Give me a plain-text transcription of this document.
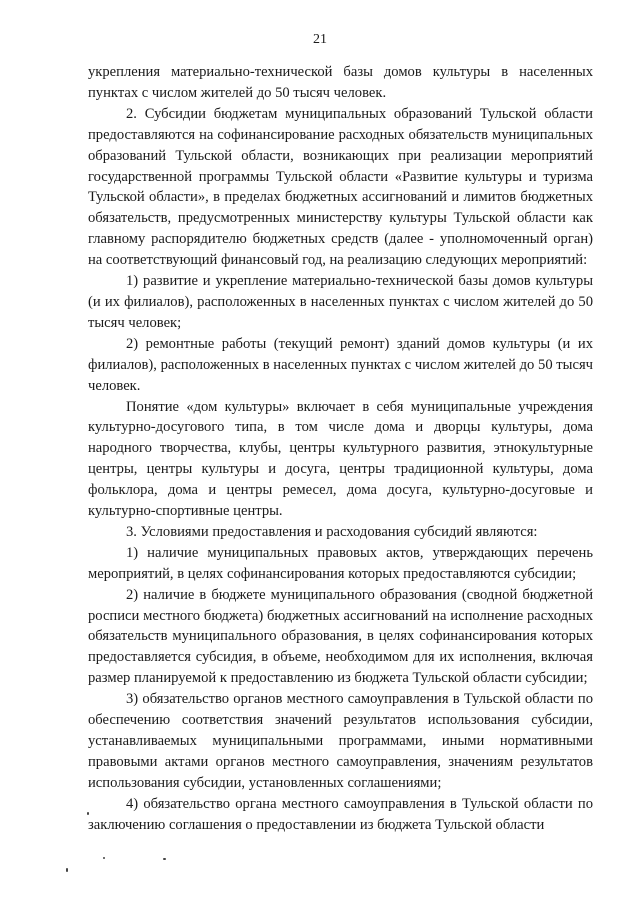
21

укрепления материально-технической базы домов культуры в населенных пунктах с числом жителей до 50 тысяч человек.

2. Субсидии бюджетам муниципальных образований Тульской области предоставляются на софинансирование расходных обязательств муниципальных образований Тульской области, возникающих при реализации мероприятий государственной программы Тульской области «Развитие культуры и туризма Тульской области», в пределах бюджетных ассигнований и лимитов бюджетных обязательств, предусмотренных министерству культуры Тульской области как главному распорядителю бюджетных средств (далее - уполномоченный орган) на соответствующий финансовый год, на реализацию следующих мероприятий:

1) развитие и укрепление материально-технической базы домов культуры (и их филиалов), расположенных в населенных пунктах с числом жителей до 50 тысяч человек;

2) ремонтные работы (текущий ремонт) зданий домов культуры (и их филиалов), расположенных в населенных пунктах с числом жителей до 50 тысяч человек.

Понятие «дом культуры» включает в себя муниципальные учреждения культурно-досугового типа, в том числе дома и дворцы культуры, дома народного творчества, клубы, центры культурного развития, этнокультурные центры, центры культуры и досуга, центры традиционной культуры, дома фольклора, дома и центры ремесел, дома досуга, культурно-досуговые и культурно-спортивные центры.

3. Условиями предоставления и расходования субсидий являются:

1) наличие муниципальных правовых актов, утверждающих перечень мероприятий, в целях софинансирования которых предоставляются субсидии;

2) наличие в бюджете муниципального образования (сводной бюджетной росписи местного бюджета) бюджетных ассигнований на исполнение расходных обязательств муниципального образования, в целях софинансирования которых предоставляется субсидия, в объеме, необходимом для их исполнения, включая размер планируемой к предоставлению из бюджета Тульской области субсидии;

3) обязательство органов местного самоуправления в Тульской области по обеспечению соответствия значений результатов использования субсидии, устанавливаемых муниципальными программами, иными нормативными правовыми актами органов местного самоуправления, значениям результатов использования субсидии, установленных соглашениями;

4) обязательство органа местного самоуправления в Тульской области по заключению соглашения о предоставлении из бюджета Тульской области
